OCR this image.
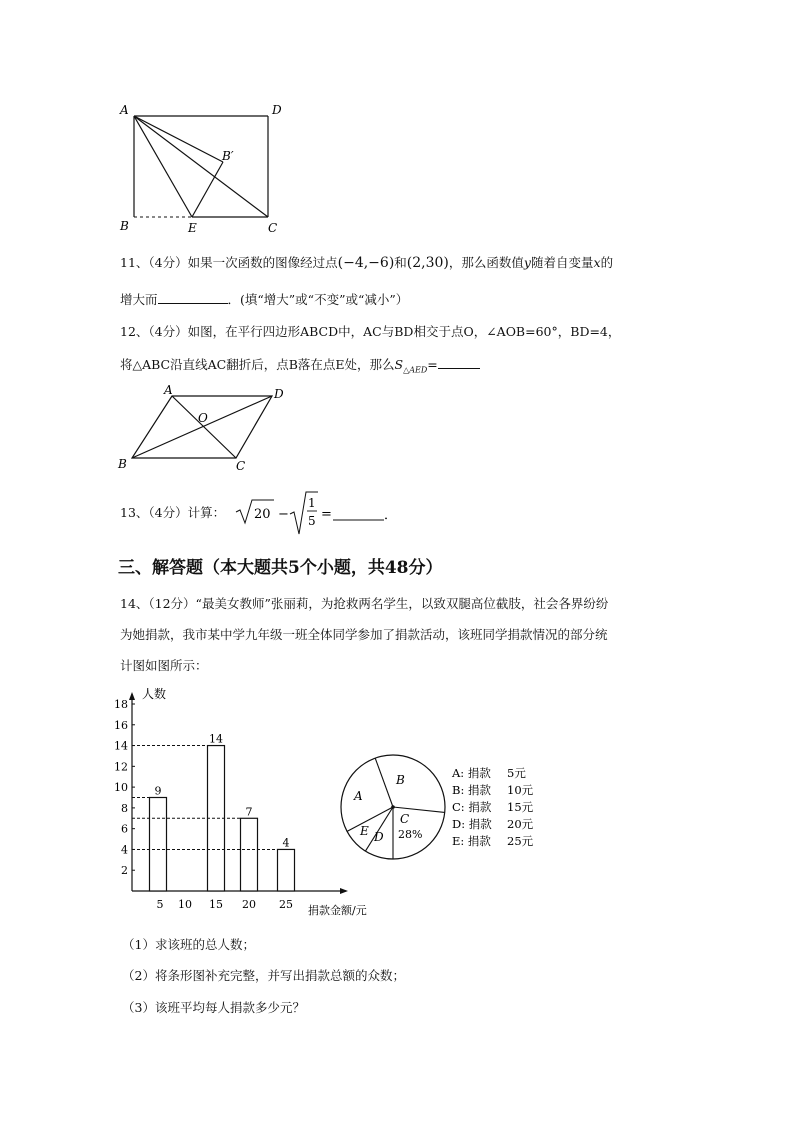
A	D
B′
B	E	C
11、（4分）如果一次函数的图像经过点(−4,−6)和(2,30)，那么函数值y随着自变量x的
增大而	．(填“增大”或“不变”或“减小”）
12、（4分）如图，在平行四边形ABCD中，AC与BD相交于点O，∠AOB=60°，BD=4，
将△ABC沿直线AC翻折后，点B落在点E处，那么$S_{\triangle AED}=$
A	D
O
B	C
13、（4分）计算： 20 −
1
5 =	．
三、解答题（本大题共5个小题，共48分）
14、（12分）“最美女教师”张丽莉，为抢救两名学生，以致双腿高位截肢，社会各界纷纷
为她捐款，我市某中学九年级一班全体同学参加了捐款活动，该班同学捐款情况的部分统
计图如图所示：
人数
捐款金额/元
2
4
6
8
10
12
14
16
18
5
9
10 15
14
20
7
25
4
A
B
C
28%
D
E
A: 捐款 5元
B: 捐款 10元
C: 捐款 15元
D: 捐款 20元
E: 捐款 25元
（1）求该班的总人数；
（2）将条形图补充完整，并写出捐款总额的众数；
（3）该班平均每人捐款多少元？
